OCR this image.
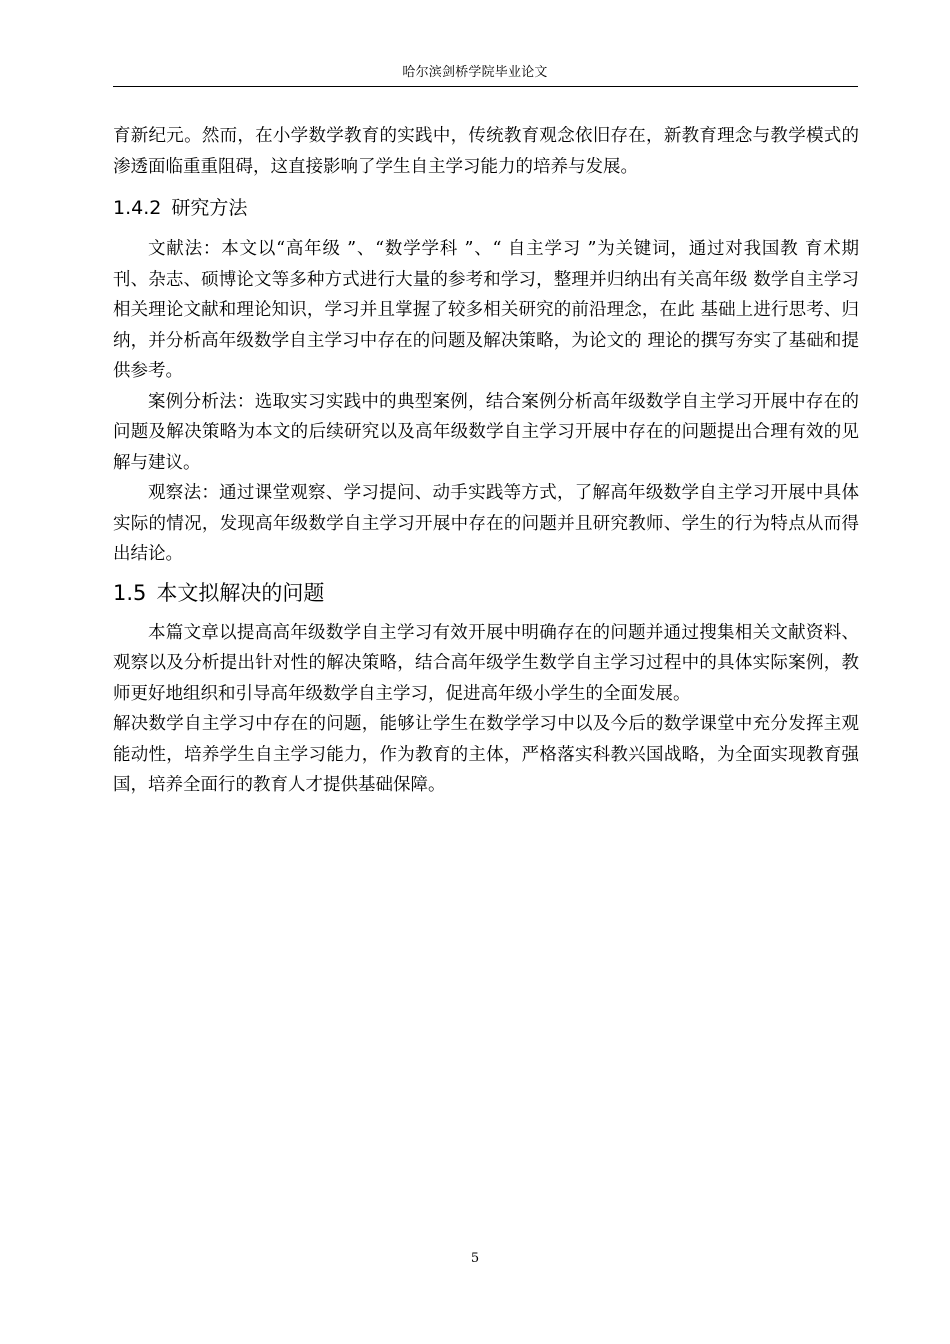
哈尔滨剑桥学院毕业论文

育新纪元。然而，在小学数学教育的实践中，传统教育观念依旧存在，新教育理念与教学模式的渗透面临重重阻碍，这直接影响了学生自主学习能力的培养与发展。

1.4.2 研究方法

文献法：本文以“高年级 ”、“数学学科 ”、“ 自主学习 ”为关键词，通过对我国教 育术期刊、杂志、硕博论文等多种方式进行大量的参考和学习，整理并归纳出有关高年级 数学自主学习相关理论文献和理论知识，学习并且掌握了较多相关研究的前沿理念，在此 基础上进行思考、归纳，并分析高年级数学自主学习中存在的问题及解决策略，为论文的 理论的撰写夯实了基础和提供参考。

案例分析法：选取实习实践中的典型案例，结合案例分析高年级数学自主学习开展中存在的问题及解决策略为本文的后续研究以及高年级数学自主学习开展中存在的问题提出合理有效的见解与建议。

观察法：通过课堂观察、学习提问、动手实践等方式，了解高年级数学自主学习开展中具体实际的情况，发现高年级数学自主学习开展中存在的问题并且研究教师、学生的行为特点从而得出结论。

1.5 本文拟解决的问题

本篇文章以提高高年级数学自主学习有效开展中明确存在的问题并通过搜集相关文献资料、观察以及分析提出针对性的解决策略，结合高年级学生数学自主学习过程中的具体实际案例，教师更好地组织和引导高年级数学自主学习，促进高年级小学生的全面发展。

解决数学自主学习中存在的问题，能够让学生在数学学习中以及今后的数学课堂中充分发挥主观能动性，培养学生自主学习能力，作为教育的主体，严格落实科教兴国战略，为全面实现教育强国，培养全面行的教育人才提供基础保障。

5
